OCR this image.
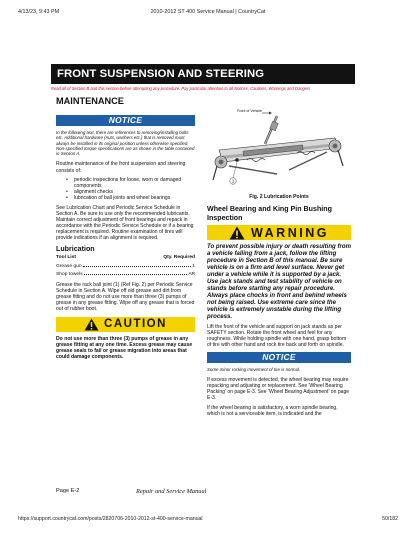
4/13/23, 9:43 PM	2010-2012 ST 400 Service Manual | CountryCat
FRONT SUSPENSION AND STEERING
Read all of Section B and this section before attempting any procedure. Pay particular attention to all Notices, Cautions, Warnings and Dangers
MAINTENANCE
NOTICE
In the following text, there are references to removing/installing bolts etc. Additional hardware (nuts, washers etc.) that is removed must always be installed in its original position unless otherwise specified. Non-specified torque specifications are as shown in the table contained in Section A.

Routine maintenance of the front suspension and steering consists of:

• periodic inspections for loose, worn or damaged components
• alignment checks
• lubrication of ball joints and wheel bearings

See Lubrication Chart and Periodic Service Schedule in Section A. Be sure to use only the recommended lubricants. Maintain correct adjustment of front bearings and repack in accordance with the Periodic Service Schedule or if a bearing replacement is required. Routine examination of tires will provide indications if an alignment is required.

Lubrication
Tool List	Qty. Required
Grease gun	1
Shop towels	AR

Grease the rack ball joint (1) (Ref Fig. 2) per Periodic Service Schedule in Section A. Wipe off old grease and dirt from grease fitting and do not use more than three (3) pumps of grease in any grease fitting. Wipe off any grease that is forced out of rubber boot.

CAUTION
Do not use more than three (3) pumps of grease in any grease fitting at any one time. Excess grease may cause grease seals to fail or grease migration into areas that could damage components.
Front of Vehicle
1
Fig. 2 Lubrication Points
Wheel Bearing and King Pin Bushing Inspection
WARNING
To prevent possible injury or death resulting from a vehicle falling from a jack, follow the lifting procedure in Section B of this manual. Be sure vehicle is on a firm and level surface. Never get under a vehicle while it is supported by a jack. Use jack stands and test stability of vehicle on stands before starting any repair procedure. Always place chocks in front and behind wheels not being raised. Use extreme care since the vehicle is extremely unstable during the lifting process.

Lift the front of the vehicle and support on jack stands as per SAFETY section. Rotate the front wheel and feel for any roughness. While holding spindle with one hand, grasp bottom of tire with other hand and rock tire back and forth on spindle.

NOTICE
Some minor rocking movement of tire is normal.

If excess movement is detected, the wheel bearing may require repacking and adjusting or replacement. See 'Wheel Bearing Packing' on page E-3. See 'Wheel Bearing Adjustment' on page E-3.

If the wheel bearing is satisfactory, a worn spindle bearing, which is not a serviceable item, is indicated and the

Page E-2	Repair and Service Manual
https://support.countrycat.com/posts/2820706-2010-2012-st-400-service-manual	50/182
